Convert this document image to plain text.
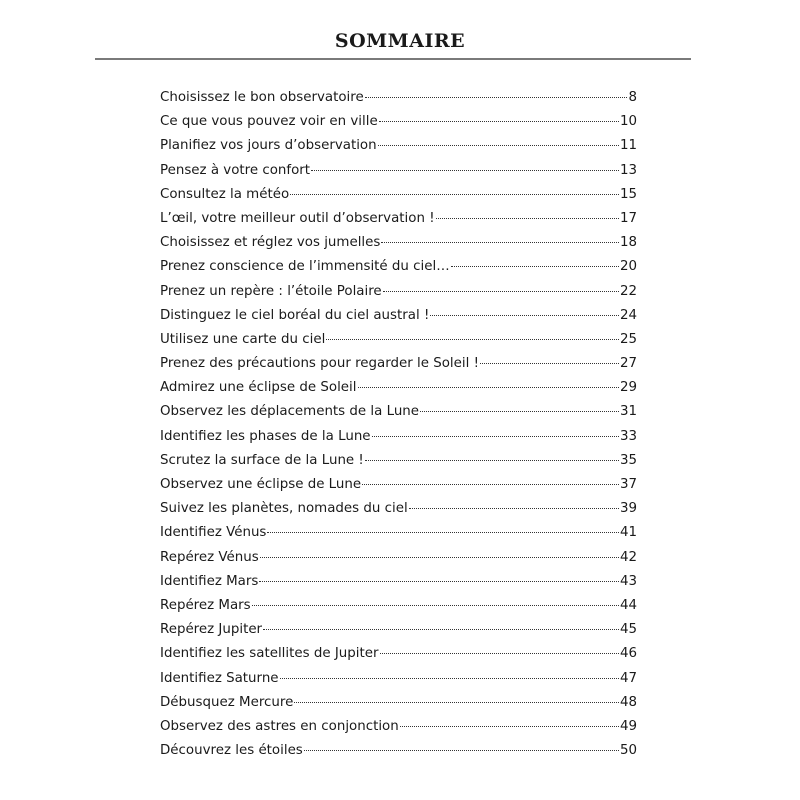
SOMMAIRE
Choisissez le bon observatoire	8
Ce que vous pouvez voir en ville	10
Planifiez vos jours d’observation	11
Pensez à votre confort	13
Consultez la météo	15
L’œil, votre meilleur outil d’observation !	17
Choisissez et réglez vos jumelles	18
Prenez conscience de l’immensité du ciel…	20
Prenez un repère : l’étoile Polaire	22
Distinguez le ciel boréal du ciel austral !	24
Utilisez une carte du ciel	25
Prenez des précautions pour regarder le Soleil !	27
Admirez une éclipse de Soleil	29
Observez les déplacements de la Lune	31
Identifiez les phases de la Lune	33
Scrutez la surface de la Lune !	35
Observez une éclipse de Lune	37
Suivez les planètes, nomades du ciel	39
Identifiez Vénus	41
Repérez Vénus	42
Identifiez Mars	43
Repérez Mars	44
Repérez Jupiter	45
Identifiez les satellites de Jupiter	46
Identifiez Saturne	47
Débusquez Mercure	48
Observez des astres en conjonction	49
Découvrez les étoiles	50
